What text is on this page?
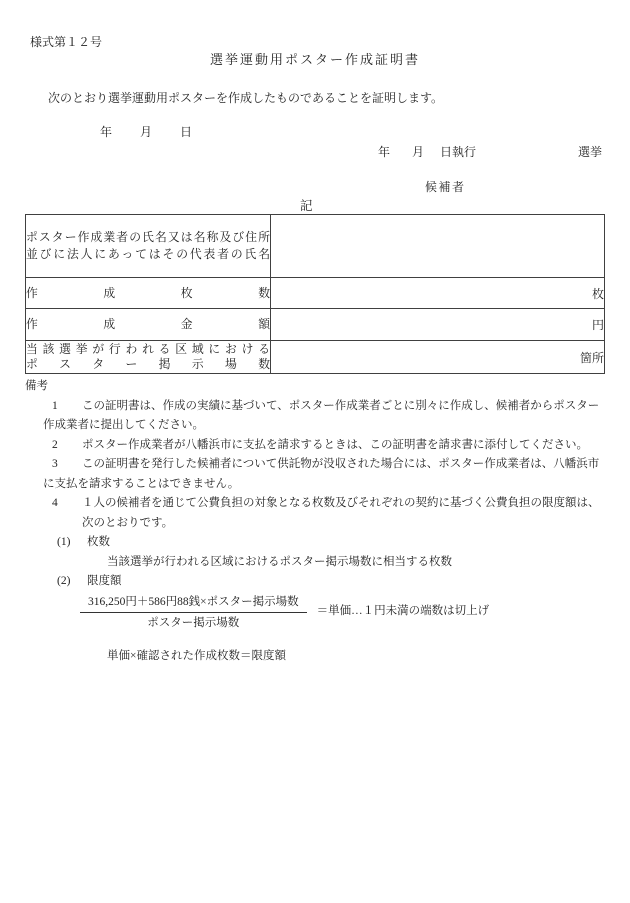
様式第１２号
選挙運動用ポスター作成証明書
次のとおり選挙運動用ポスターを作成したものであることを証明します。
年 月 日
年 月 日執行	選挙
候補者
記
ポスター作成業者の氏名又は名称及び住所
並びに法人にあってはその代表者の氏名	

作成枚数	枚

作成金額	円

当該選挙が行われる区域における
ポスター掲示場数	箇所
備考
1 この証明書は、作成の実績に基づいて、ポスター作成業者ごとに別々に作成し、候補者からポスター
作成業者に提出してください。
2 ポスター作成業者が八幡浜市に支払を請求するときは、この証明書を請求書に添付してください。
3 この証明書を発行した候補者について供託物が没収された場合には、ポスター作成業者は、八幡浜市
に支払を請求することはできません。
4 １人の候補者を通じて公費負担の対象となる枚数及びそれぞれの契約に基づく公費負担の限度額は、
次のとおりです。
(1) 枚数
当該選挙が行われる区域におけるポスター掲示場数に相当する枚数
(2) 限度額
$\frac{\text{316,250円＋586円88銭×ポスター掲示場数}}{\text{ポスター掲示場数}}$ ＝単価…１円未満の端数は切上げ
単価×確認された作成枚数＝限度額
